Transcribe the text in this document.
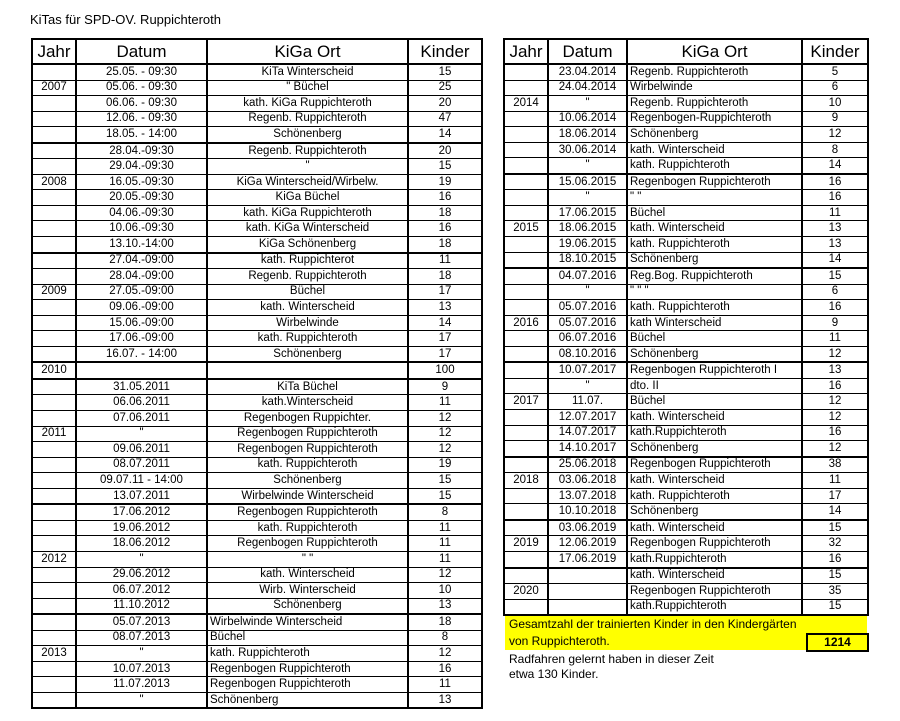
KiTas für SPD-OV. Ruppichteroth
Jahr	Datum	KiGa Ort	Kinder
	25.05. - 09:30	KiTa Winterscheid	15
2007	05.06. - 09:30	" Büchel	25
	06.06. - 09:30	kath. KiGa Ruppichteroth	20
	12.06. - 09:30	Regenb. Ruppichteroth	47
	18.05. - 14:00	Schönenberg	14
	28.04.-09:30	Regenb. Ruppichteroth	20
	29.04.-09:30	"	15
2008	16.05.-09:30	KiGa Winterscheid/Wirbelw.	19
	20.05.-09:30	KiGa Büchel	16
	04.06.-09:30	kath. KiGa Ruppichteroth	18
	10.06.-09:30	kath. KiGa Winterscheid	16
	13.10.-14:00	KiGa Schönenberg	18
	27.04.-09:00	kath. Ruppichterot	11
	28.04.-09:00	Regenb. Ruppichteroth	18
2009	27.05.-09:00	Büchel	17
	09.06.-09:00	kath. Winterscheid	13
	15.06.-09:00	Wirbelwinde	14
	17.06.-09:00	kath. Ruppichteroth	17
	16.07. - 14:00	Schönenberg	17
2010			100
	31.05.2011	KiTa Büchel	9
	06.06.2011	kath.Winterscheid	11
	07.06.2011	Regenbogen Ruppichter.	12
2011	"	Regenbogen Ruppichteroth	12
	09.06.2011	Regenbogen Ruppichteroth	12
	08.07.2011	kath. Ruppichteroth	19
	09.07.11 - 14:00	Schönenberg	15
	13.07.2011	Wirbelwinde Winterscheid	15
	17.06.2012	Regenbogen Ruppichteroth	8
	19.06.2012	kath. Ruppichteroth	11
	18.06.2012	Regenbogen Ruppichteroth	11
2012	"	" "	11
	29.06.2012	kath. Winterscheid	12
	06.07.2012	Wirb. Winterscheid	10
	11.10.2012	Schönenberg	13
	05.07.2013	Wirbelwinde Winterscheid	18
	08.07.2013	Büchel	8
2013	"	kath. Ruppichteroth	12
	10.07.2013	Regenbogen Ruppichteroth	16
	11.07.2013	Regenbogen Ruppichteroth	11
	"	Schönenberg	13
Jahr	Datum	KiGa Ort	Kinder
	23.04.2014	Regenb. Ruppichteroth	5
	24.04.2014	Wirbelwinde	6
2014	"	Regenb. Ruppichteroth	10
	10.06.2014	Regenbogen-Ruppichteroth	9
	18.06.2014	Schönenberg	12
	30.06.2014	kath. Winterscheid	8
	"	kath. Ruppichteroth	14
	15.06.2015	Regenbogen Ruppichteroth	16
	"	" "	16
	17.06.2015	Büchel	11
2015	18.06.2015	kath. Winterscheid	13
	19.06.2015	kath. Ruppichteroth	13
	18.10.2015	Schönenberg	14
	04.07.2016	Reg.Bog. Ruppichteroth	15
	"	" " "	6
	05.07.2016	kath. Ruppichteroth	16
2016	05.07.2016	kath Winterscheid	9
	06.07.2016	Büchel	11
	08.10.2016	Schönenberg	12
	10.07.2017	Regenbogen Ruppichteroth I	13
	"	dto. II	16
2017	11.07.	Büchel	12
	12.07.2017	kath. Winterscheid	12
	14.07.2017	kath.Ruppichteroth	16
	14.10.2017	Schönenberg	12
	25.06.2018	Regenbogen Ruppichteroth	38
2018	03.06.2018	kath. Winterscheid	11
	13.07.2018	kath. Ruppichteroth	17
	10.10.2018	Schönenberg	14
	03.06.2019	kath. Winterscheid	15
2019	12.06.2019	Regenbogen Ruppichteroth	32
	17.06.2019	kath.Ruppichteroth	16
		kath. Winterscheid	15
2020		Regenbogen Ruppichteroth	35
		kath.Ruppichteroth	15
Gesamtzahl der trainierten Kinder in den Kindergärten
von Ruppichteroth.	1214
Radfahren gelernt haben in dieser Zeit
etwa 130 Kinder.
